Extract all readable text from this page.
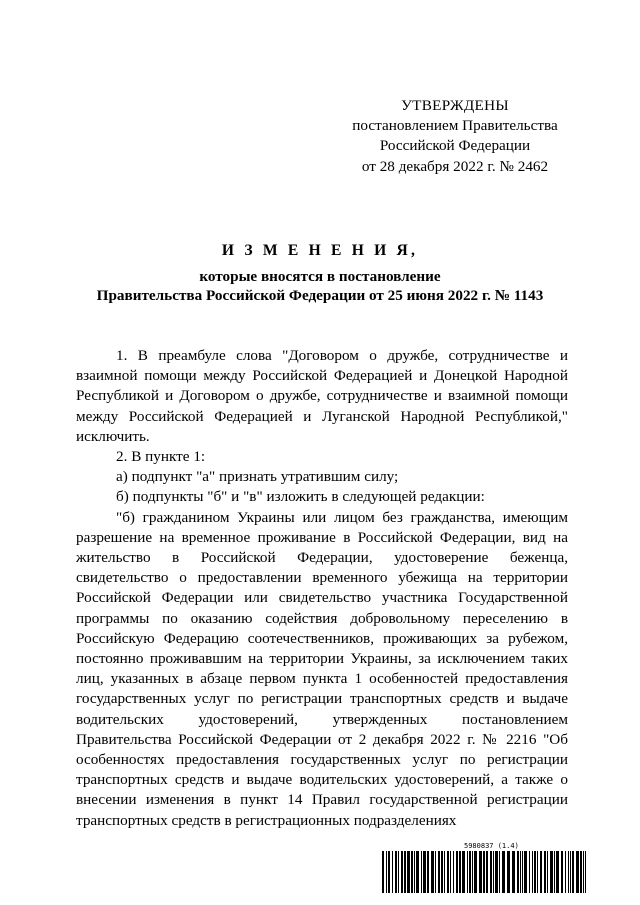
УТВЕРЖДЕНЫ
постановлением Правительства
Российской Федерации
от 28 декабря 2022 г. № 2462
И З М Е Н Е Н И Я,
которые вносятся в постановление
Правительства Российской Федерации от 25 июня 2022 г. № 1143

1. В преамбуле слова "Договором о дружбе, сотрудничестве и взаимной помощи между Российской Федерацией и Донецкой Народной Республикой и Договором о дружбе, сотрудничестве и взаимной помощи между Российской Федерацией и Луганской Народной Республикой," исключить.

2. В пункте 1:

а) подпункт "а" признать утратившим силу;

б) подпункты "б" и "в" изложить в следующей редакции:

"б) гражданином Украины или лицом без гражданства, имеющим разрешение на временное проживание в Российской Федерации, вид на жительство в Российской Федерации, удостоверение беженца, свидетельство о предоставлении временного убежища на территории Российской Федерации или свидетельство участника Государственной программы по оказанию содействия добровольному переселению в Российскую Федерацию соотечественников, проживающих за рубежом, постоянно проживавшим на территории Украины, за исключением таких лиц, указанных в абзаце первом пункта 1 особенностей предоставления государственных услуг по регистрации транспортных средств и выдаче водительских удостоверений, утвержденных постановлением Правительства Российской Федерации от 2 декабря 2022 г. № 2216 "Об особенностях предоставления государственных услуг по регистрации транспортных средств и выдаче водительских удостоверений, а также о внесении изменения в пункт 14 Правил государственной регистрации транспортных средств в регистрационных подразделениях

5980837 (1.4)
